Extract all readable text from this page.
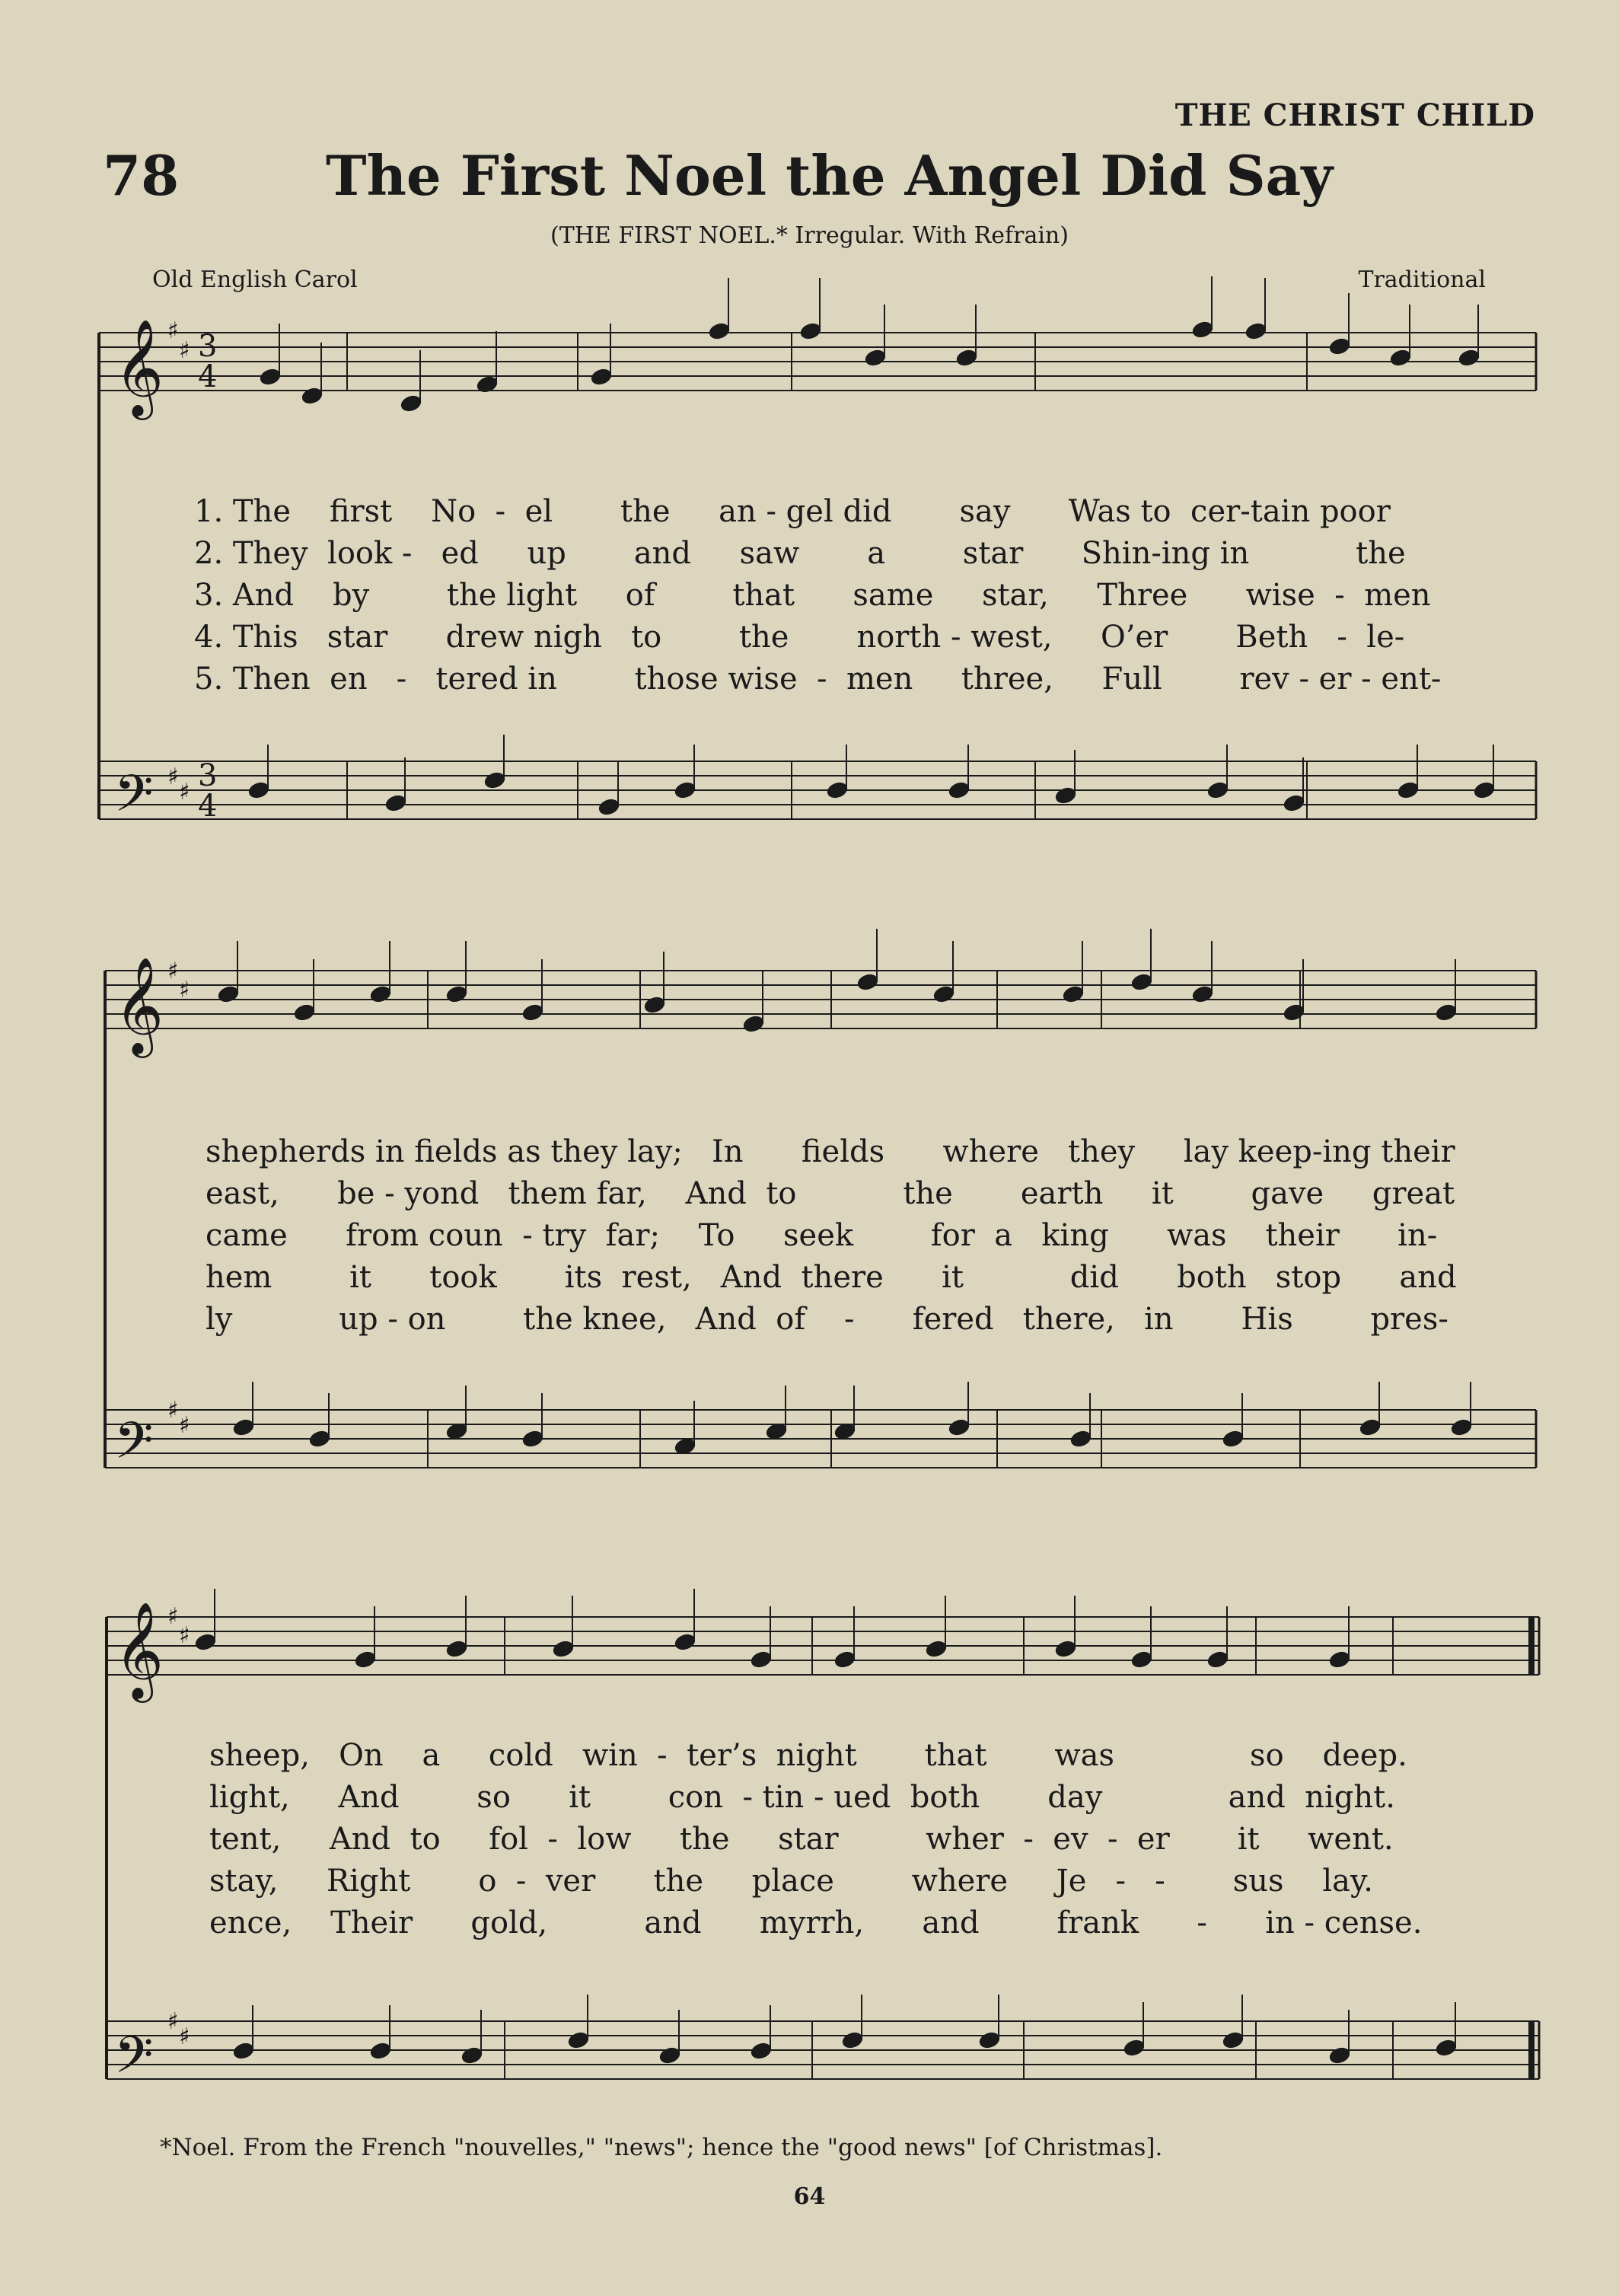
THE CHRIST CHILD
78	The First Noel the Angel Did Say
(THE FIRST NOEL.* Irregular. With Refrain)
Old English Carol	Traditional
𝄞
𝄢
𝄞
𝄢
𝄞
𝄢
3
4
3
4
♯
♯
♯
♯
♯
♯
♯
♯
♯
♯
♯
♯
1. The    first    No  -  el       the     an - gel did       say      Was to  cer-tain poor
2. They  look -   ed     up       and     saw       a        star      Shin-ing in           the
3. And    by        the light     of        that      same     star,     Three      wise  -  men
4. This   star      drew nigh   to        the       north - west,     O’er       Beth   -  le-
5. Then  en   -   tered in        those wise  -  men     three,     Full        rev - er - ent-
shepherds in fields as they lay;   In      fields      where   they     lay keep-ing their
east,      be - yond   them far,    And  to           the       earth     it        gave     great
came      from coun  - try  far;    To     seek        for  a   king      was    their      in-
hem        it      took       its  rest,   And  there      it           did      both   stop      and
ly           up - on        the knee,   And  of    -      fered   there,   in       His        pres-
sheep,   On    a     cold   win  -  ter’s  night       that       was              so    deep.
light,     And        so      it        con  - tin - ued  both       day             and  night.
tent,     And  to     fol  -  low     the     star         wher  -  ev  -  er       it     went.
stay,     Right       o  -  ver      the     place        where     Je   -   -       sus    lay.
ence,    Their      gold,          and      myrrh,      and        frank      -      in - cense.
*Noel. From the French "nouvelles," "news"; hence the "good news" [of Christmas].
64
